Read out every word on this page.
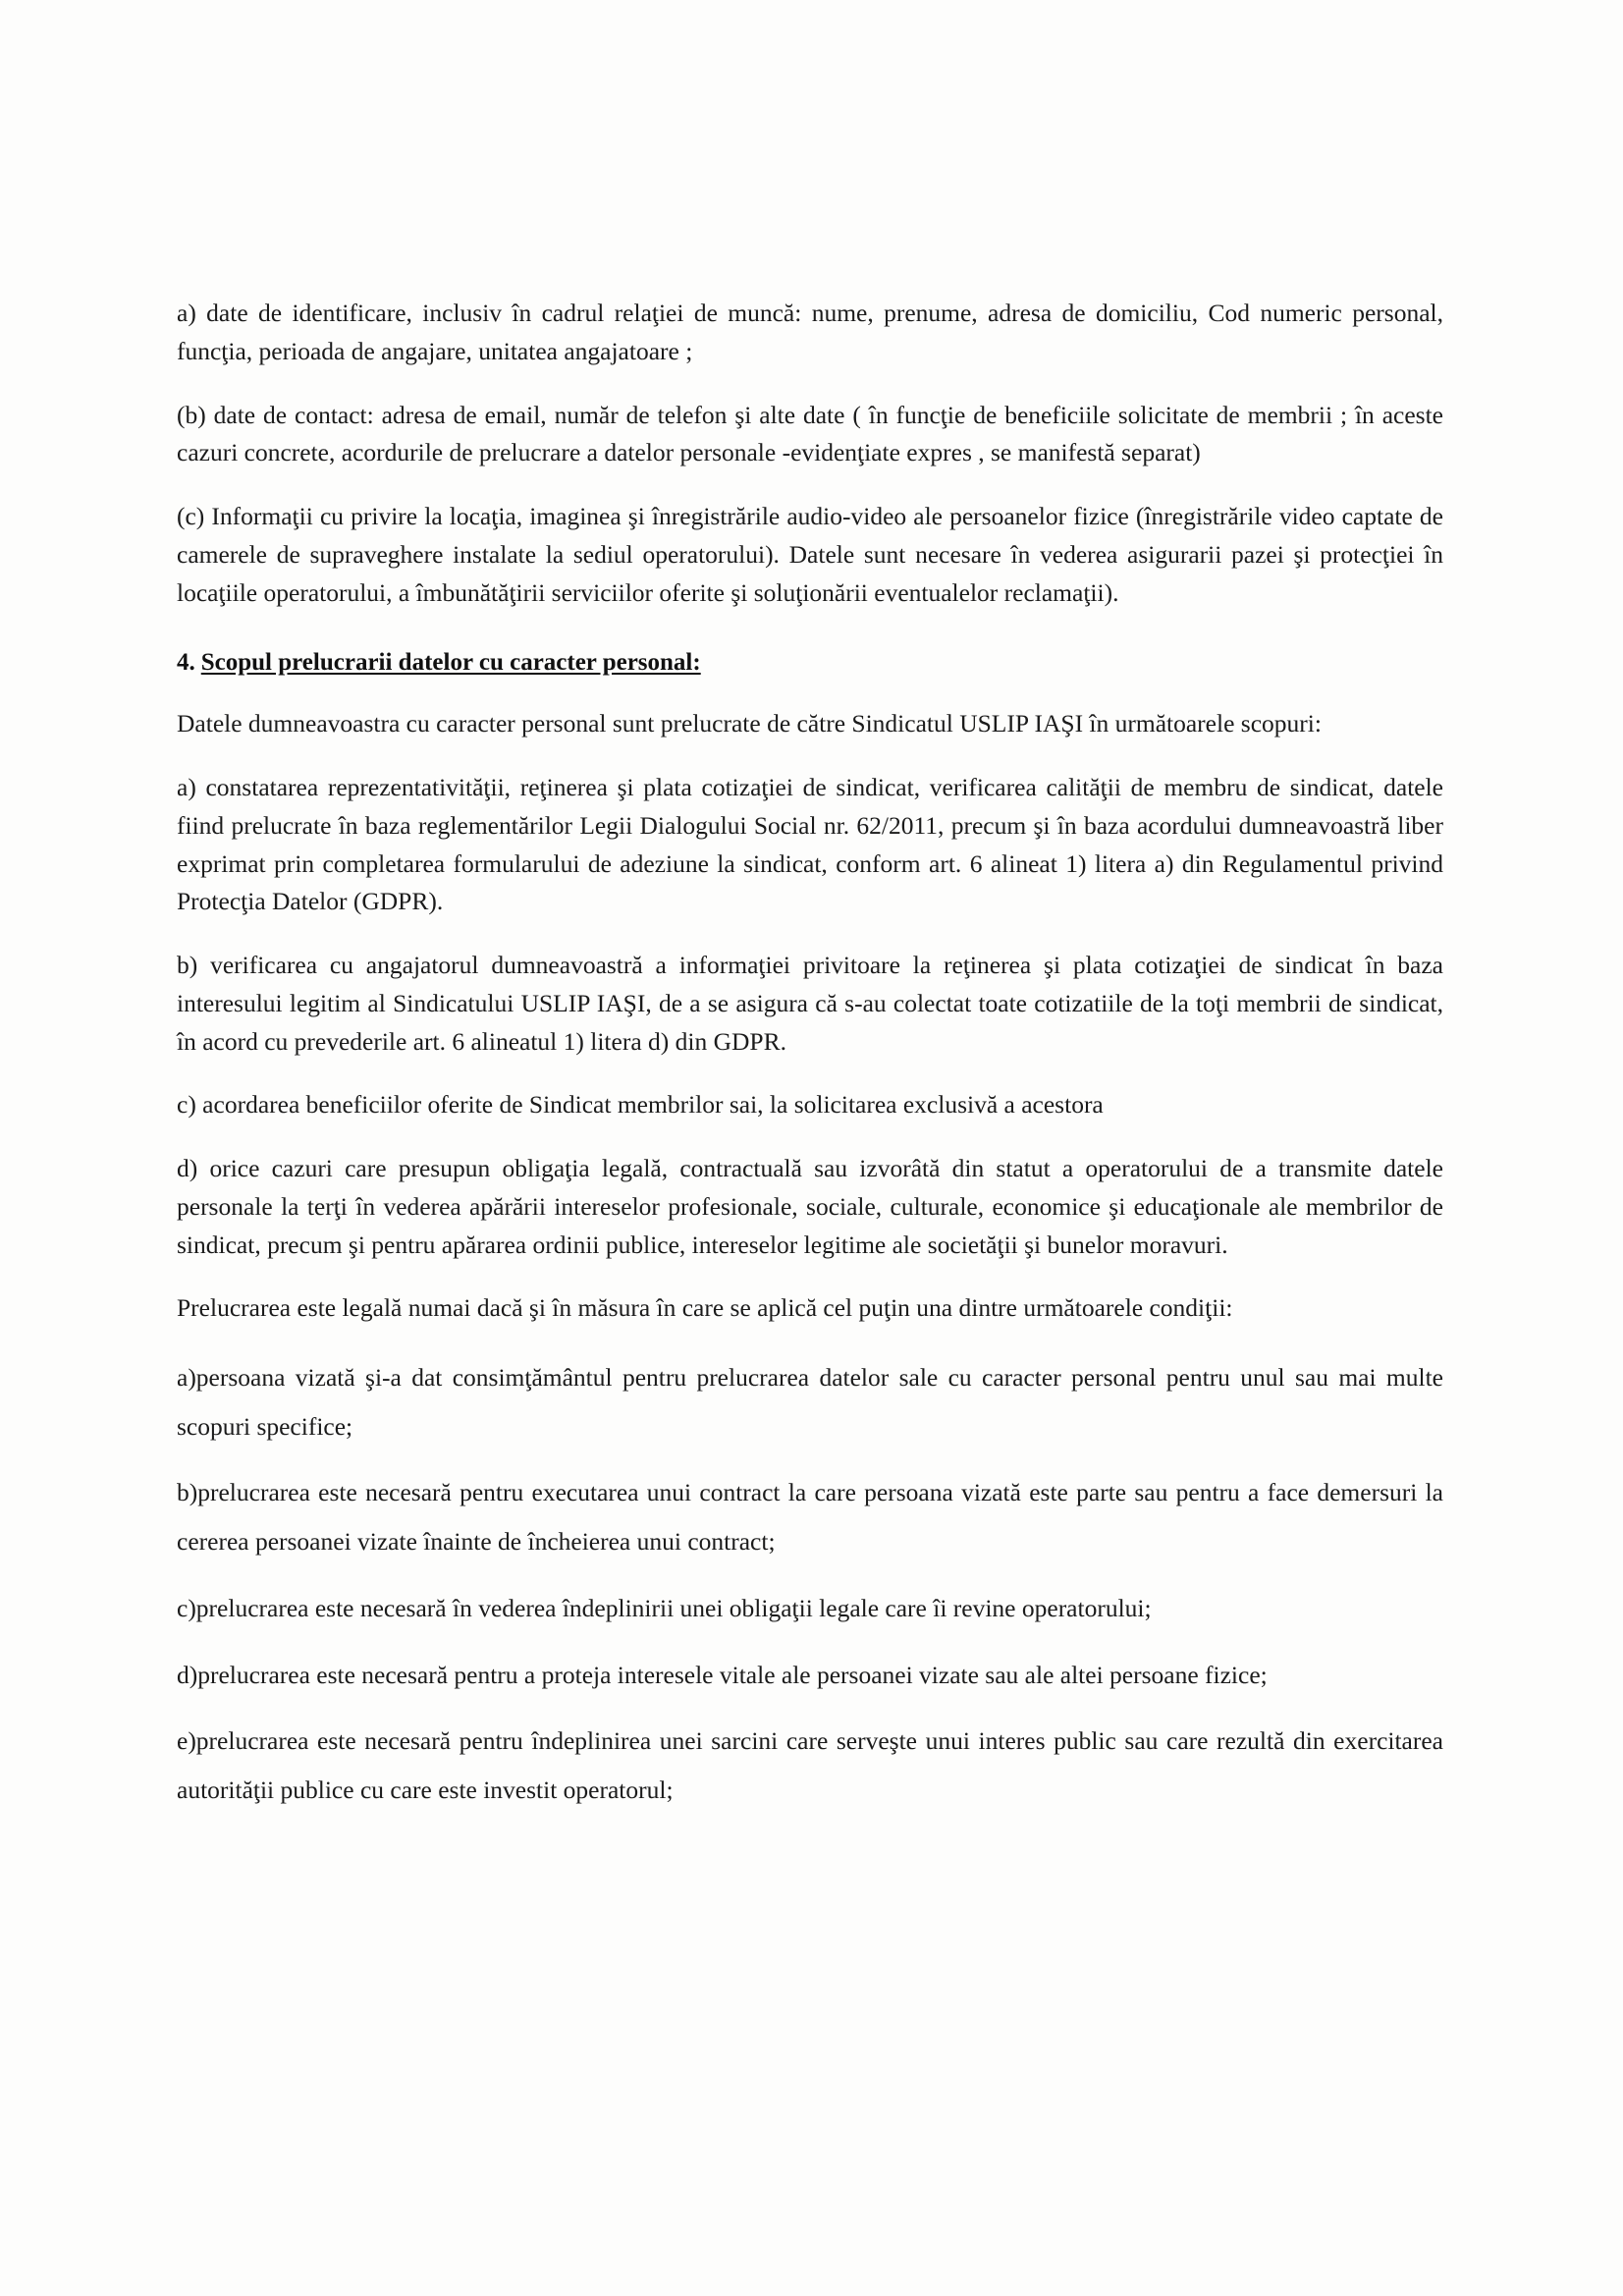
a) date de identificare, inclusiv în cadrul relaţiei de muncă: nume, prenume, adresa de domiciliu, Cod numeric personal, funcţia, perioada de angajare, unitatea angajatoare ;

(b) date de contact: adresa de email, număr de telefon şi alte date ( în funcţie de beneficiile solicitate de membrii ; în aceste cazuri concrete, acordurile de prelucrare a datelor personale -evidenţiate expres , se manifestă separat)

(c) Informaţii cu privire la locaţia, imaginea şi înregistrările audio-video ale persoanelor fizice (înregistrările video captate de camerele de supraveghere instalate la sediul operatorului). Datele sunt necesare în vederea asigurarii pazei şi protecţiei în locaţiile operatorului, a îmbunătăţirii serviciilor oferite şi soluţionării eventualelor reclamaţii).

4. Scopul prelucrarii datelor cu caracter personal:

Datele dumneavoastra cu caracter personal sunt prelucrate de către Sindicatul USLIP IAŞI în următoarele scopuri:

a) constatarea reprezentativităţii, reţinerea şi plata cotizaţiei de sindicat, verificarea calităţii de membru de sindicat, datele fiind prelucrate în baza reglementărilor Legii Dialogului Social nr. 62/2011, precum şi în baza acordului dumneavoastră liber exprimat prin completarea formularului de adeziune la sindicat, conform art. 6 alineat 1) litera a) din Regulamentul privind Protecţia Datelor (GDPR).

b) verificarea cu angajatorul dumneavoastră a informaţiei privitoare la reţinerea şi plata cotizaţiei de sindicat în baza interesului legitim al Sindicatului USLIP IAŞI, de a se asigura că s-au colectat toate cotizatiile de la toţi membrii de sindicat, în acord cu prevederile art. 6 alineatul 1) litera d) din GDPR.

c) acordarea beneficiilor oferite de Sindicat membrilor sai, la solicitarea exclusivă a acestora

d) orice cazuri care presupun obligaţia legală, contractuală sau izvorâtă din statut a operatorului de a transmite datele personale la terţi în vederea apărării intereselor profesionale, sociale, culturale, economice şi educaţionale ale membrilor de sindicat, precum şi pentru apărarea ordinii publice, intereselor legitime ale societăţii şi bunelor moravuri.

Prelucrarea este legală numai dacă şi în măsura în care se aplică cel puţin una dintre următoarele condiţii:

a)persoana vizată şi-a dat consimţământul pentru prelucrarea datelor sale cu caracter personal pentru unul sau mai multe scopuri specifice;

b)prelucrarea este necesară pentru executarea unui contract la care persoana vizată este parte sau pentru a face demersuri la cererea persoanei vizate înainte de încheierea unui contract;

c)prelucrarea este necesară în vederea îndeplinirii unei obligaţii legale care îi revine operatorului;

d)prelucrarea este necesară pentru a proteja interesele vitale ale persoanei vizate sau ale altei persoane fizice;

e)prelucrarea este necesară pentru îndeplinirea unei sarcini care serveşte unui interes public sau care rezultă din exercitarea autorităţii publice cu care este investit operatorul;
